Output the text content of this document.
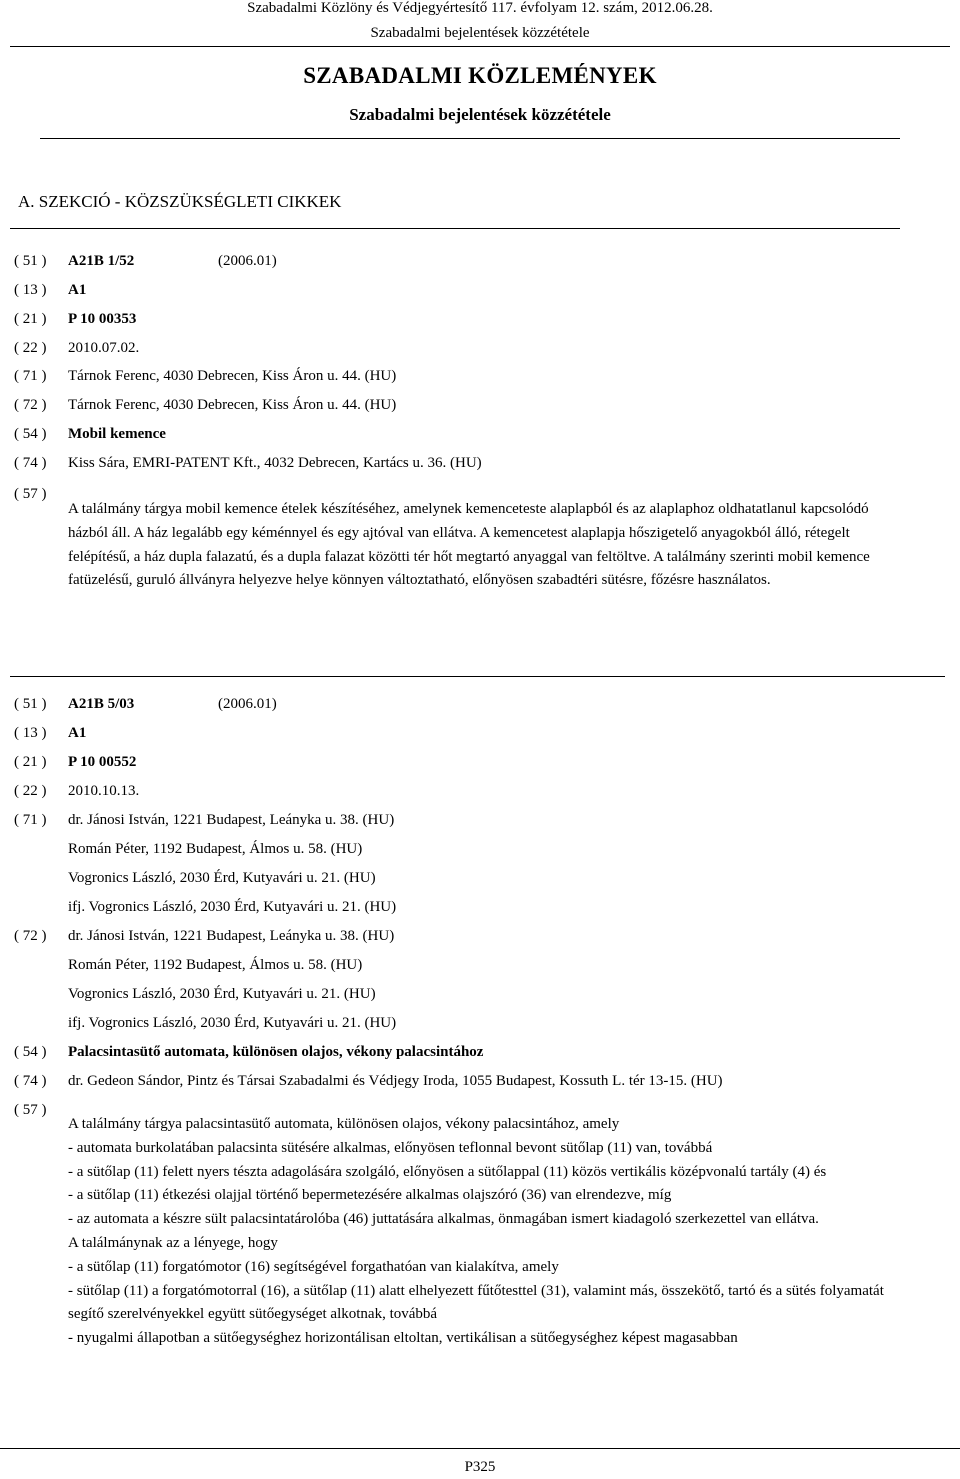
Szabadalmi Közlöny és Védjegyértesítő 117. évfolyam 12. szám, 2012.06.28.
Szabadalmi bejelentések közzététele
SZABADALMI KÖZLEMÉNYEK
Szabadalmi bejelentések közzététele
A. SZEKCIÓ - KÖZSZÜKSÉGLETI CIKKEK
( 51 )	A21B 1/52	(2006.01)
( 13 )	A1
( 21 )	P 10 00353
( 22 )	2010.07.02.
( 71 )	Tárnok Ferenc, 4030 Debrecen, Kiss Áron u. 44. (HU)
( 72 )	Tárnok Ferenc, 4030 Debrecen, Kiss Áron u. 44. (HU)
( 54 )	Mobil kemence
( 74 )	Kiss Sára, EMRI-PATENT Kft., 4032 Debrecen, Kartács u. 36. (HU)
( 57 )
A találmány tárgya mobil kemence ételek készítéséhez, amelynek kemenceteste alaplapból és az alaplaphoz oldhatatlanul kapcsolódó házból áll. A ház legalább egy kéménnyel és egy ajtóval van ellátva. A kemencetest alaplapja hőszigetelő anyagokból álló, rétegelt felépítésű, a ház dupla falazatú, és a dupla falazat közötti tér hőt megtartó anyaggal van feltöltve. A találmány szerinti mobil kemence fatüzelésű, guruló állványra helyezve helye könnyen változtatható, előnyösen szabadtéri sütésre, főzésre használatos.
( 51 )	A21B 5/03	(2006.01)
( 13 )	A1
( 21 )	P 10 00552
( 22 )	2010.10.13.
( 71 )	dr. Jánosi István, 1221 Budapest, Leányka u. 38. (HU)
Román Péter, 1192 Budapest, Álmos u. 58. (HU)
Vogronics László, 2030 Érd, Kutyavári u. 21. (HU)
ifj. Vogronics László, 2030 Érd, Kutyavári u. 21. (HU)
( 72 )	dr. Jánosi István, 1221 Budapest, Leányka u. 38. (HU)
Román Péter, 1192 Budapest, Álmos u. 58. (HU)
Vogronics László, 2030 Érd, Kutyavári u. 21. (HU)
ifj. Vogronics László, 2030 Érd, Kutyavári u. 21. (HU)
( 54 )	Palacsintasütő automata, különösen olajos, vékony palacsintához
( 74 )	dr. Gedeon Sándor, Pintz és Társai Szabadalmi és Védjegy Iroda, 1055 Budapest, Kossuth L. tér 13-15. (HU)
( 57 )
A találmány tárgya palacsintasütő automata, különösen olajos, vékony palacsintához, amely
- automata burkolatában palacsinta sütésére alkalmas, előnyösen teflonnal bevont sütőlap (11) van, továbbá
- a sütőlap (11) felett nyers tészta adagolására szolgáló, előnyösen a sütőlappal (11) közös vertikális középvonalú tartály (4) és
- a sütőlap (11) étkezési olajjal történő bepermetezésére alkalmas olajszóró (36) van elrendezve, míg
- az automata a készre sült palacsintatárolóba (46) juttatására alkalmas, önmagában ismert kiadagoló szerkezettel van ellátva.
A találmánynak az a lényege, hogy
- a sütőlap (11) forgatómotor (16) segítségével forgathatóan van kialakítva, amely
- sütőlap (11) a forgatómotorral (16), a sütőlap (11) alatt elhelyezett fűtőtesttel (31), valamint más, összekötő, tartó és a sütés folyamatát segítő szerelvényekkel együtt sütőegységet alkotnak, továbbá
- nyugalmi állapotban a sütőegységhez horizontálisan eltoltan, vertikálisan a sütőegységhez képest magasabban
P325
